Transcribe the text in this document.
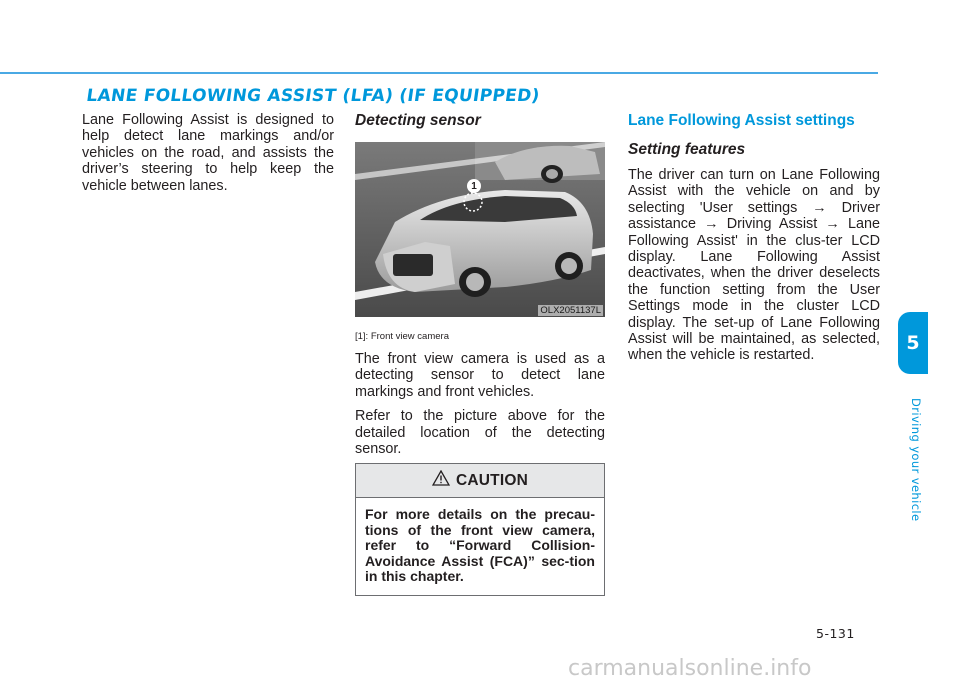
LANE FOLLOWING ASSIST (LFA) (IF EQUIPPED)

Lane Following Assist is designed to help detect lane markings and/or vehicles on the road, and assists the driver’s steering to help keep the vehicle between lanes.

Detecting sensor

1
OLX2051137L

[1]: Front view camera

The front view camera is used as a detecting sensor to detect lane markings and front vehicles.

Refer to the picture above for the detailed location of the detecting sensor.

CAUTION

For more details on the precau-tions of the front view camera, refer to “Forward Collision-Avoidance Assist (FCA)” sec-tion in this chapter.

Lane Following Assist settings

Setting features

The driver can turn on Lane Following Assist with the vehicle on and by selecting 'User settings → Driver assistance → Driving Assist → Lane Following Assist' in the clus-ter LCD display. Lane Following Assist deactivates, when the driver deselects the function setting from the User Settings mode in the cluster LCD display. The set-up of Lane Following Assist will be maintained, as selected, when the vehicle is restarted.

5
Driving your vehicle
5-131
carmanualsonline.info
